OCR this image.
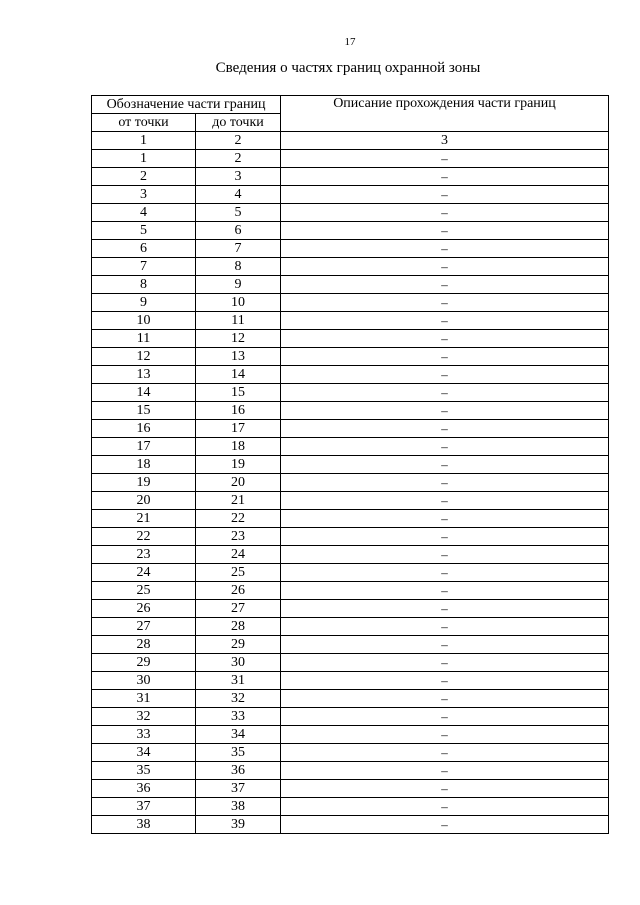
17
Сведения о частях границ охранной зоны
Обозначение части границ		Описание прохождения части границ
от точки	до точки	
1	2	3
1	2	–
2	3	–
3	4	–
4	5	–
5	6	–
6	7	–
7	8	–
8	9	–
9	10	–
10	11	–
11	12	–
12	13	–
13	14	–
14	15	–
15	16	–
16	17	–
17	18	–
18	19	–
19	20	–
20	21	–
21	22	–
22	23	–
23	24	–
24	25	–
25	26	–
26	27	–
27	28	–
28	29	–
29	30	–
30	31	–
31	32	–
32	33	–
33	34	–
34	35	–
35	36	–
36	37	–
37	38	–
38	39	–
